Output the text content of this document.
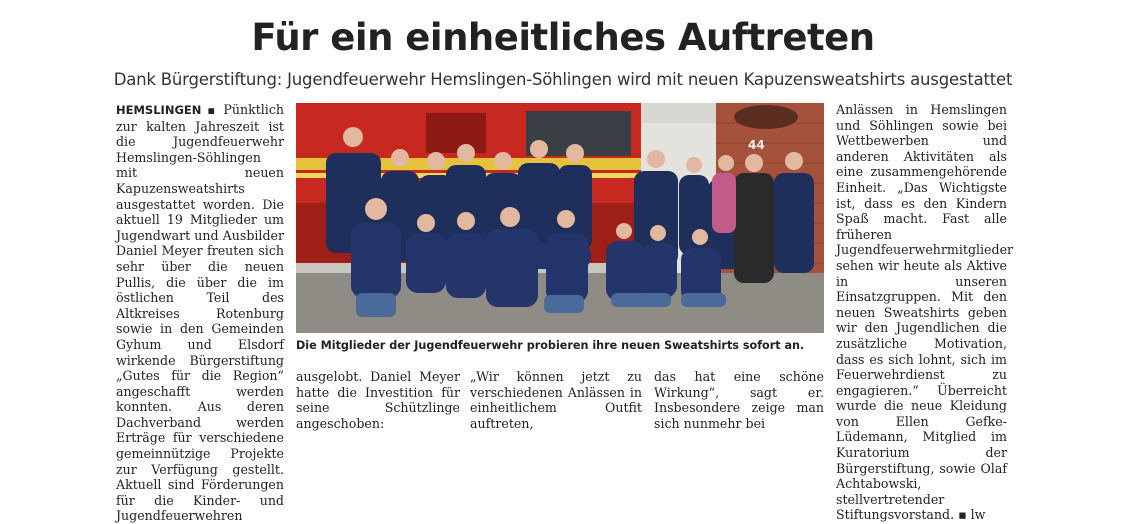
Für ein einheitliches Auftreten
Dank Bürgerstiftung: Jugendfeuerwehr Hemslingen-Söhlingen wird mit neuen Kapuzensweatshirts ausgestattet

HEMSLINGEN ▪ Pünktlich zur kalten Jahreszeit ist die Jugendfeuerwehr Hemslingen-Söhlingen mit neuen Kapuzensweatshirts ausgestattet worden. Die aktuell 19 Mitglieder um Jugendwart und Ausbilder Daniel Meyer freuten sich sehr über die neuen Pullis, die über die im östlichen Teil des Altkreises Rotenburg sowie in den Gemeinden Gyhum und Elsdorf wirkende Bürgerstiftung „Gutes für die Region“ angeschafft werden konnten. Aus deren Dachverband werden Erträge für verschiedene gemeinnützige Projekte zur Verfügung gestellt. Aktuell sind Förderungen für die Kinder- und Jugendfeuerwehren

44
Die Mitglieder der Jugendfeuerwehr probieren ihre neuen Sweatshirts sofort an.

ausgelobt. Daniel Meyer hatte die Investition für seine Schützlinge angeschoben:

„Wir können jetzt zu verschiedenen Anlässen in einheitlichem Outfit auftreten,

das hat eine schöne Wirkung“, sagt er. Insbesondere zeige man sich nunmehr bei

Anlässen in Hemslingen und Söhlingen sowie bei Wettbewerben und anderen Aktivitäten als eine zusammengehörende Einheit. „Das Wichtigste ist, dass es den Kindern Spaß macht. Fast alle früheren Jugendfeuerwehrmitglieder sehen wir heute als Aktive in unseren Einsatzgruppen. Mit den neuen Sweatshirts geben wir den Jugendlichen die zusätzliche Motivation, dass es sich lohnt, sich im Feuerwehrdienst zu engagieren.“ Überreicht wurde die neue Kleidung von Ellen Gefke-Lüdemann, Mitglied im Kuratorium der Bürgerstiftung, sowie Olaf Achtabowski, stellvertretender Stiftungsvorstand. ▪ lw
